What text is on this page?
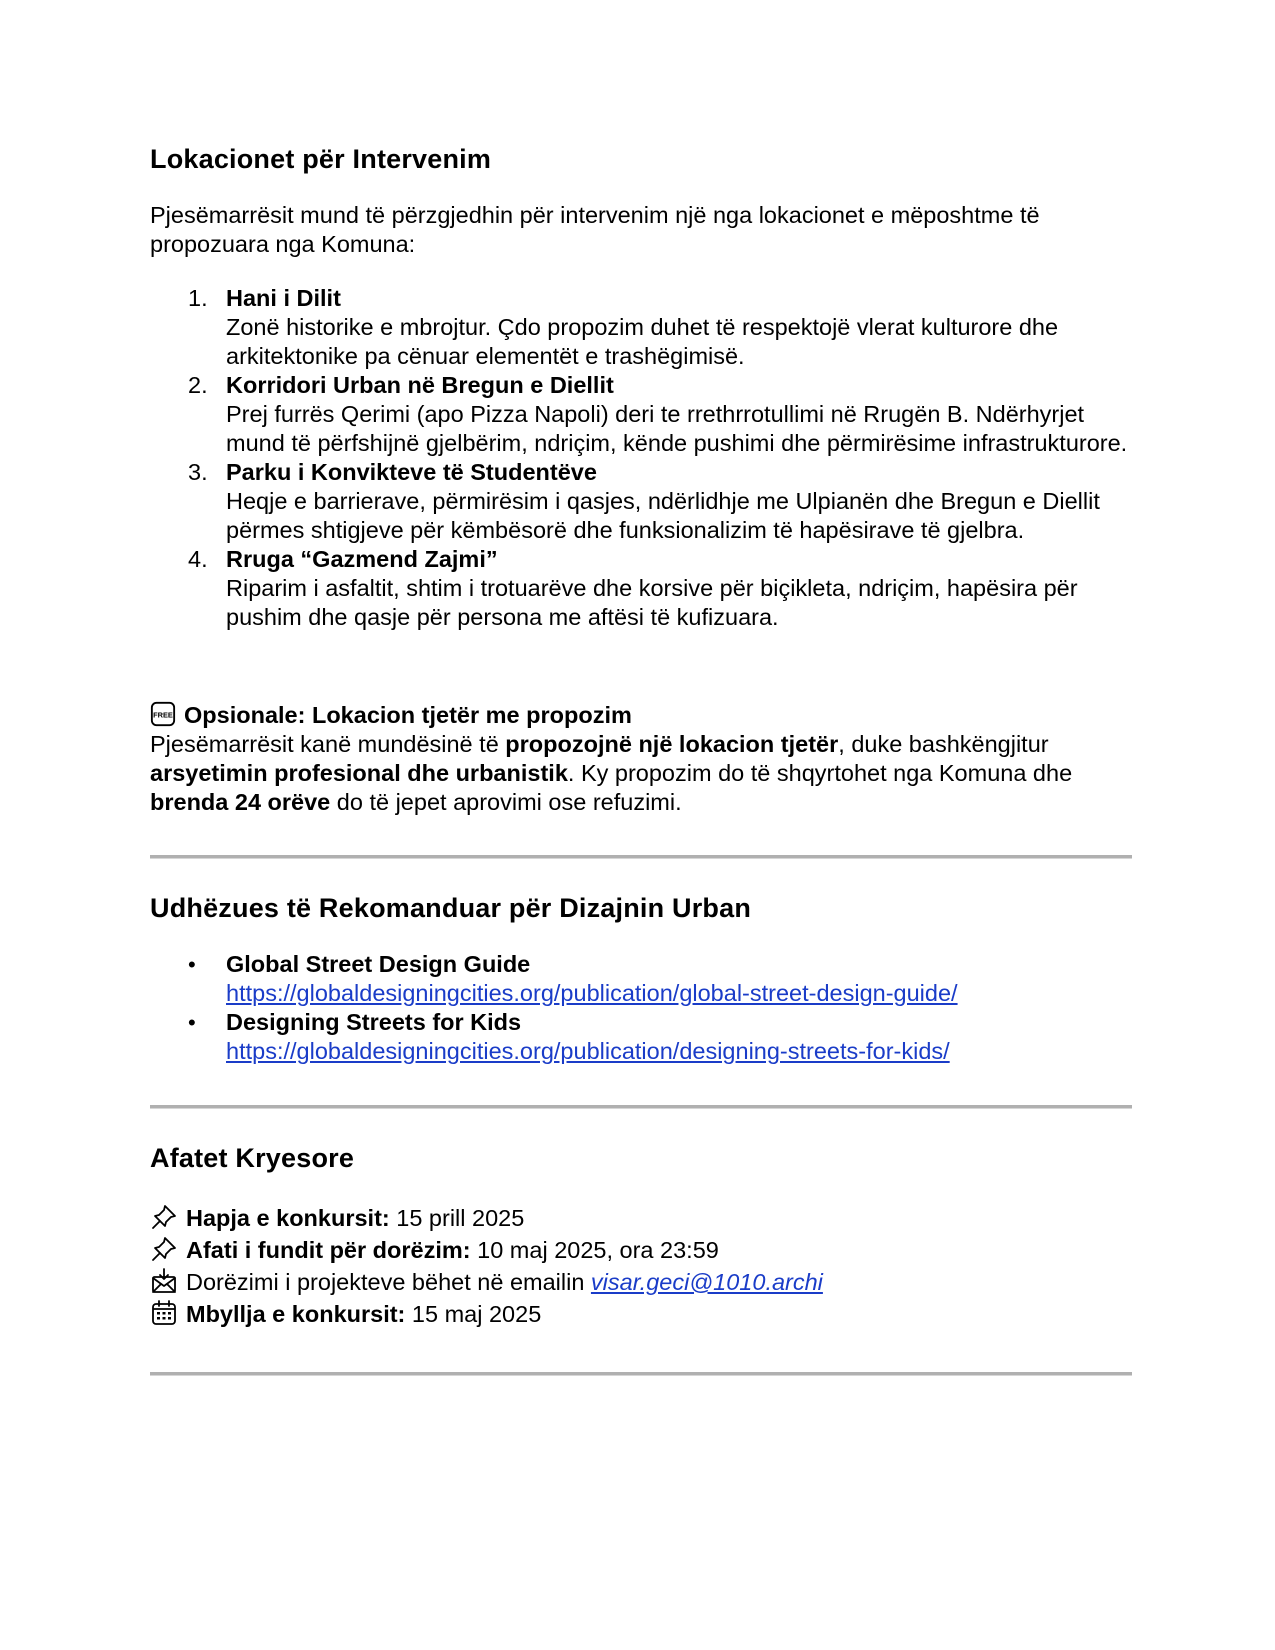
Lokacionet për Intervenim

Pjesëmarrësit mund të përzgjedhin për intervenim një nga lokacionet e mëposhtme të propozuara nga Komuna:

1. Hani i Dilit
Zonë historike e mbrojtur. Çdo propozim duhet të respektojë vlerat kulturore dhe arkitektonike pa cënuar elementët e trashëgimisë.
2. Korridori Urban në Bregun e Diellit
Prej furrës Qerimi (apo Pizza Napoli) deri te rrethrrotullimi në Rrugën B. Ndërhyrjet mund të përfshijnë gjelbërim, ndriçim, kënde pushimi dhe përmirësime infrastrukturore.
3. Parku i Konvikteve të Studentëve
Heqje e barrierave, përmirësim i qasjes, ndërlidhje me Ulpianën dhe Bregun e Diellit përmes shtigjeve për këmbësorë dhe funksionalizim të hapësirave të gjelbra.
4. Rruga “Gazmend Zajmi”
Riparim i asfaltit, shtim i trotuarëve dhe korsive për biçikleta, ndriçim, hapësira për pushim dhe qasje për persona me aftësi të kufizuara.
FREE Opsionale: Lokacion tjetër me propozim
Pjesëmarrësit kanë mundësinë të propozojnë një lokacion tjetër, duke bashkëngjitur arsyetimin profesional dhe urbanistik. Ky propozim do të shqyrtohet nga Komuna dhe brenda 24 orëve do të jepet aprovimi ose refuzimi.
Udhëzues të Rekomanduar për Dizajnin Urban
• Global Street Design Guide
https://globaldesigningcities.org/publication/global-street-design-guide/
• Designing Streets for Kids
https://globaldesigningcities.org/publication/designing-streets-for-kids/
Afatet Kryesore
Hapja e konkursit: 15 prill 2025
Afati i fundit për dorëzim: 10 maj 2025, ora 23:59
Dorëzimi i projekteve bëhet në emailin visar.geci@1010.archi
Mbyllja e konkursit: 15 maj 2025
